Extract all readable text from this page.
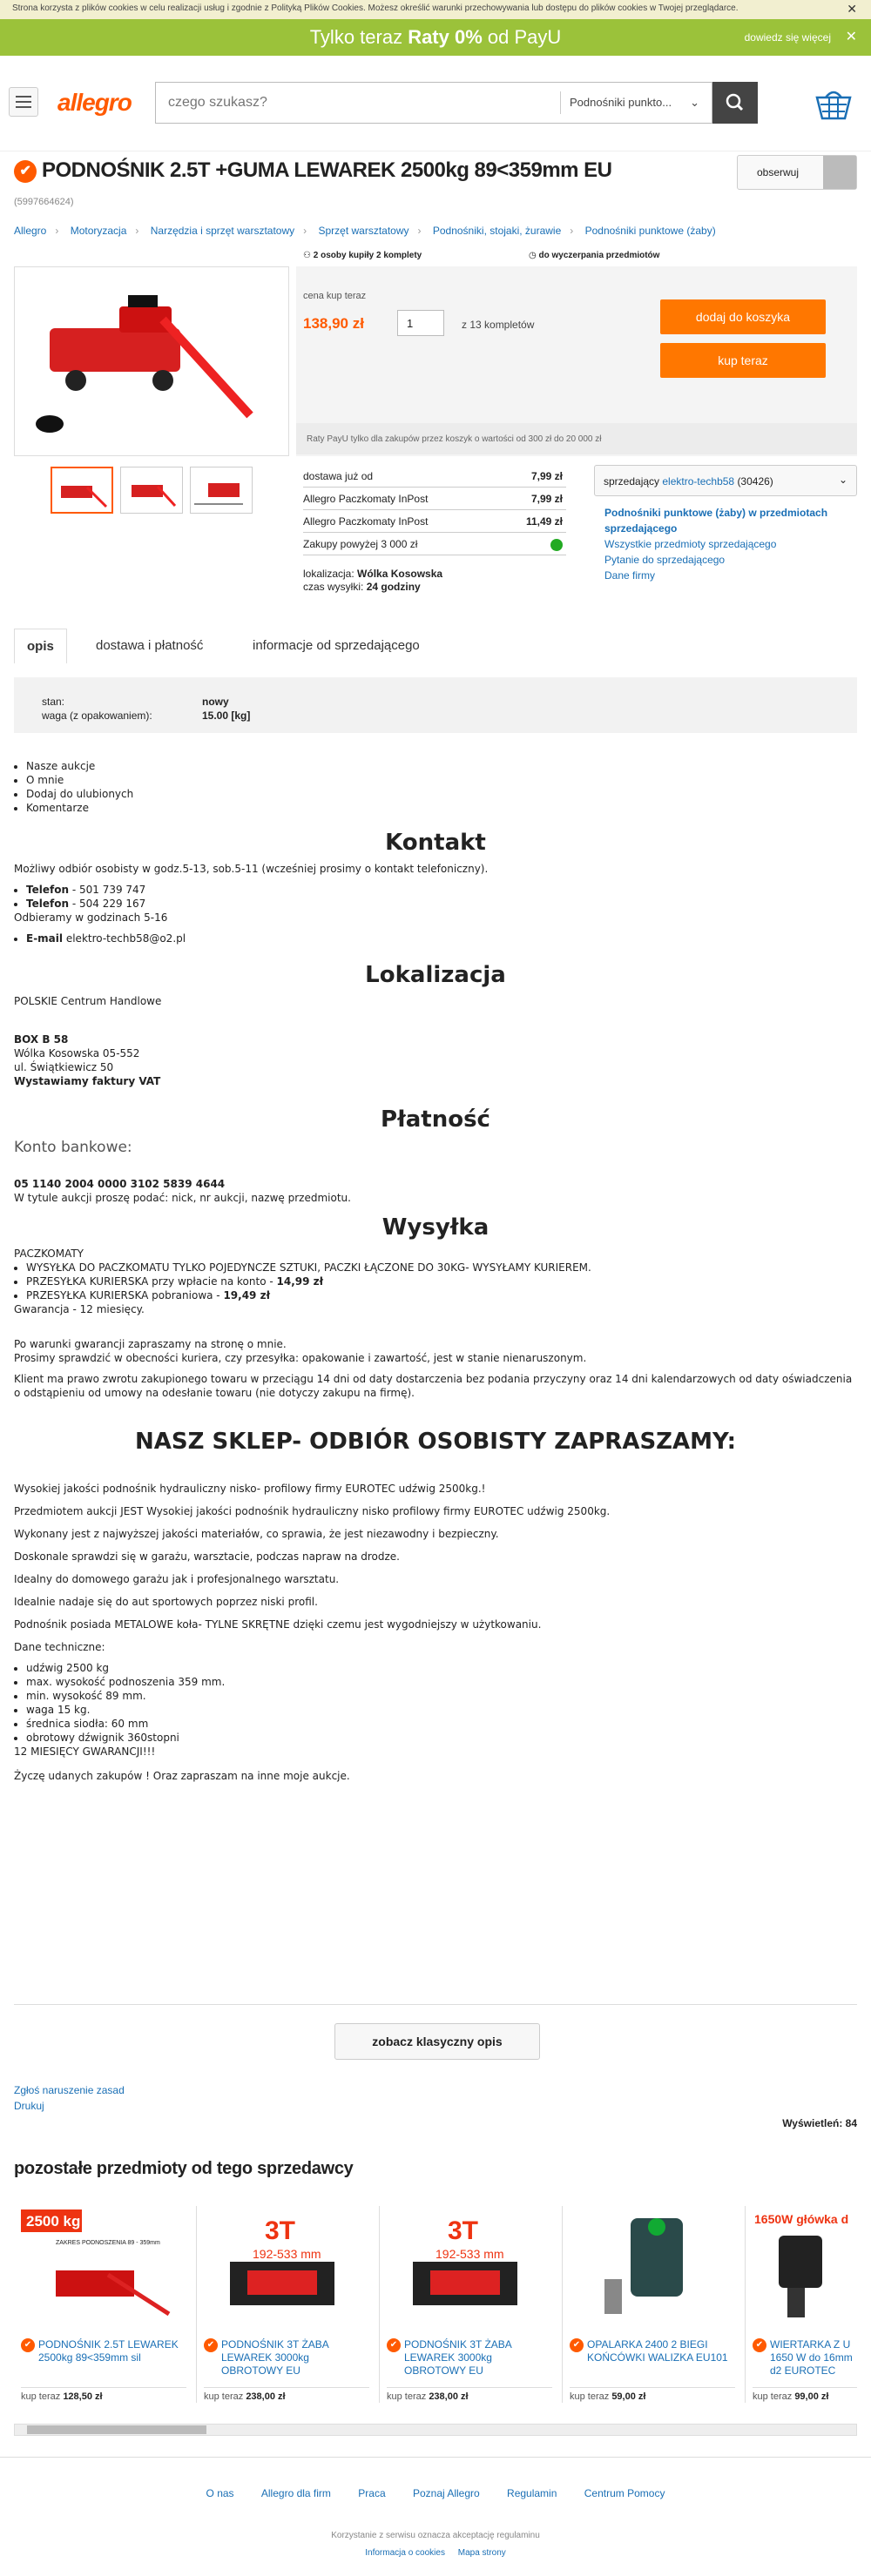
Strona korzysta z plików cookies w celu realizacji usług i zgodnie z Polityką Plików Cookies. Możesz określić warunki przechowywania lub dostępu do plików cookies w Twojej przeglądarce.	✕
Tylko teraz Raty 0% od PayU	dowiedz się więcej ✕
allegro
czego szukasz?	Podnośniki punkto... ⌄
✔ PODNOŚNIK 2.5T +GUMA LEWAREK 2500kg 89<359mm EU
(5997664624)
obserwuj
Allegro › Motoryzacja › Narzędzia i sprzęt warsztatowy › Sprzęt warsztatowy › Podnośniki, stojaki, żurawie › Podnośniki punktowe (żaby)
⚇ 2 osoby kupiły 2 komplety	◷ do wyczerpania przedmiotów
cena kup teraz
138,90 zł	1	z 13 kompletów
dodaj do koszyka
kup teraz
Raty PayU tylko dla zakupów przez koszyk o wartości od 300 zł do 20 000 zł
dostawa już od	7,99 zł
Allegro Paczkomaty InPost	7,99 zł
Allegro Paczkomaty InPost	11,49 zł
Zakupy powyżej 3 000 zł
lokalizacja: Wólka Kosowska
czas wysyłki: 24 godziny
sprzedający elektro-techb58 (30426)	⌄
Podnośniki punktowe (żaby) w przedmiotach sprzedającego
Wszystkie przedmioty sprzedającego
Pytanie do sprzedającego
Dane firmy
opis	dostawa i płatność	informacje od sprzedającego
stan:	nowy
waga (z opakowaniem):	15.00 [kg]
• Nasze aukcje
• O mnie
• Dodaj do ulubionych
• Komentarze
Kontakt

Możliwy odbiór osobisty w godz.5-13, sob.5-11 (wcześniej prosimy o kontakt telefoniczny).

• Telefon - 501 739 747
• Telefon - 504 229 167

Odbieramy w godzinach 5-16

• E-mail elektro-techb58@o2.pl
Lokalizacja

POLSKIE Centrum Handlowe

BOX B 58

Wólka Kosowska 05-552

ul. Świątkiewicz 50

Wystawiamy faktury VAT

Płatność

Konto bankowe:

05 1140 2004 0000 3102 5839 4644

W tytule aukcji proszę podać: nick, nr aukcji, nazwę przedmiotu.

Wysyłka

PACZKOMATY

• WYSYŁKA DO PACZKOMATU TYLKO POJEDYNCZE SZTUKI, PACZKI ŁĄCZONE DO 30KG- WYSYŁAMY KURIEREM.
• PRZESYŁKA KURIERSKA przy wpłacie na konto - 14,99 zł
• PRZESYŁKA KURIERSKA pobraniowa - 19,49 zł

Gwarancja - 12 miesięcy.

Po warunki gwarancji zapraszamy na stronę o mnie.

Prosimy sprawdzić w obecności kuriera, czy przesyłka: opakowanie i zawartość, jest w stanie nienaruszonym.

Klient ma prawo zwrotu zakupionego towaru w przeciągu 14 dni od daty dostarczenia bez podania przyczyny oraz 14 dni kalendarzowych od daty oświadczenia o odstąpieniu od umowy na odesłanie towaru (nie dotyczy zakupu na firmę).

NASZ SKLEP- ODBIÓR OSOBISTY ZAPRASZAMY:

Wysokiej jakości podnośnik hydrauliczny nisko- profilowy firmy EUROTEC udźwig 2500kg.!

Przedmiotem aukcji JEST Wysokiej jakości podnośnik hydrauliczny nisko profilowy firmy EUROTEC udźwig 2500kg.

Wykonany jest z najwyższej jakości materiałów, co sprawia, że jest niezawodny i bezpieczny.

Doskonale sprawdzi się w garażu, warsztacie, podczas napraw na drodze.

Idealny do domowego garażu jak i profesjonalnego warsztatu.

Idealnie nadaje się do aut sportowych poprzez niski profil.

Podnośnik posiada METALOWE koła- TYLNE SKRĘTNE dzięki czemu jest wygodniejszy w użytkowaniu.

Dane techniczne:

• udźwig 2500 kg
• max. wysokość podnoszenia 359 mm.
• min. wysokość 89 mm.
• waga 15 kg.
• średnica siodła: 60 mm
• obrotowy dźwignik 360stopni

12 MIESIĘCY GWARANCJI!!!

Życzę udanych zakupów ! Oraz zapraszam na inne moje aukcje.

zobacz klasyczny opis
Zgłoś naruszenie zasad
Drukuj
Wyświetleń: 84
pozostałe przedmioty od tego sprzedawcy
2500 kg
ZAKRES PODNOSZENIA 89 - 359mm
✔ PODNOŚNIK 2.5T LEWAREK 2500kg 89<359mm sil
kup teraz 128,50 zł
3T
192-533 mm
✔ PODNOŚNIK 3T ŻABA LEWAREK 3000kg OBROTOWY EU
kup teraz 238,00 zł
3T
192-533 mm
✔ PODNOŚNIK 3T ŻABA LEWAREK 3000kg OBROTOWY EU
kup teraz 238,00 zł
✔ OPALARKA 2400 2 BIEGI KOŃCÓWKI WALIZKA EU101
kup teraz 59,00 zł
1650W główka d
✔ WIERTARKA Z U 1650 W do 16mm d2 EUROTEC
kup teraz 99,00 zł
O nas	Allegro dla firm	Praca	Poznaj Allegro	Regulamin	Centrum Pomocy
Korzystanie z serwisu oznacza akceptację regulaminu
Informacja o cookies Mapa strony
